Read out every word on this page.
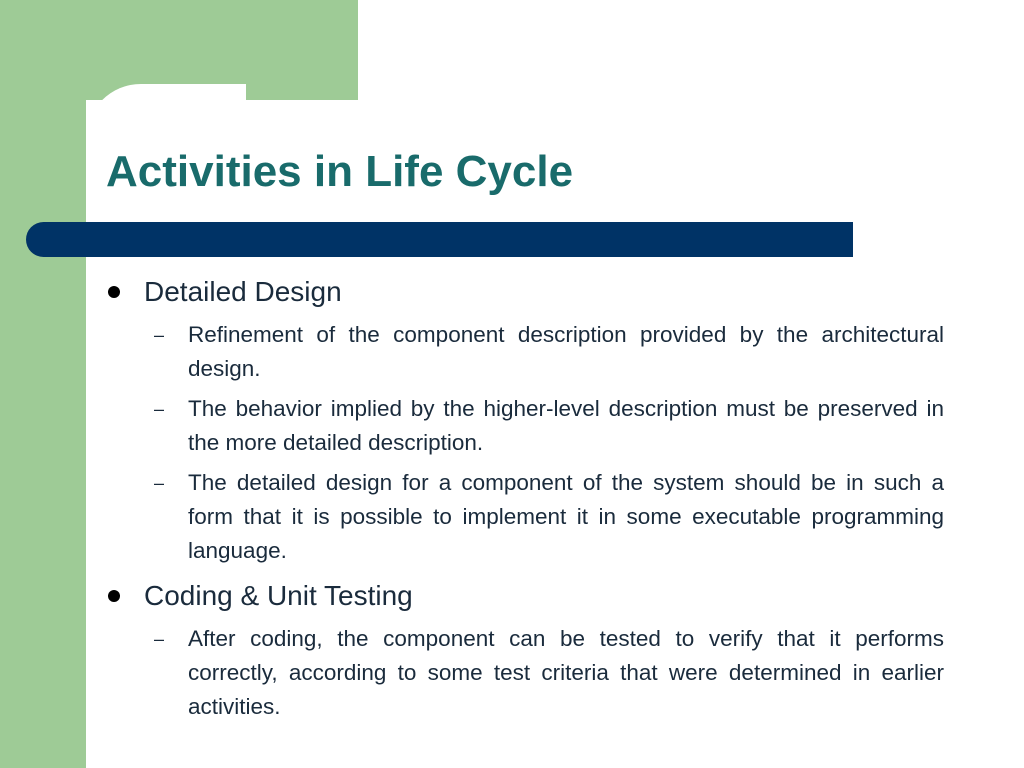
Activities in Life Cycle
Detailed Design
– Refinement of the component description provided by the architectural design.
– The behavior implied by the higher-level description must be preserved in the more detailed description.
– The detailed design for a component of the system should be in such a form that it is possible to implement it in some executable programming language.
Coding & Unit Testing
– After coding, the component can be tested to verify that it performs correctly, according to some test criteria that were determined in earlier activities.
